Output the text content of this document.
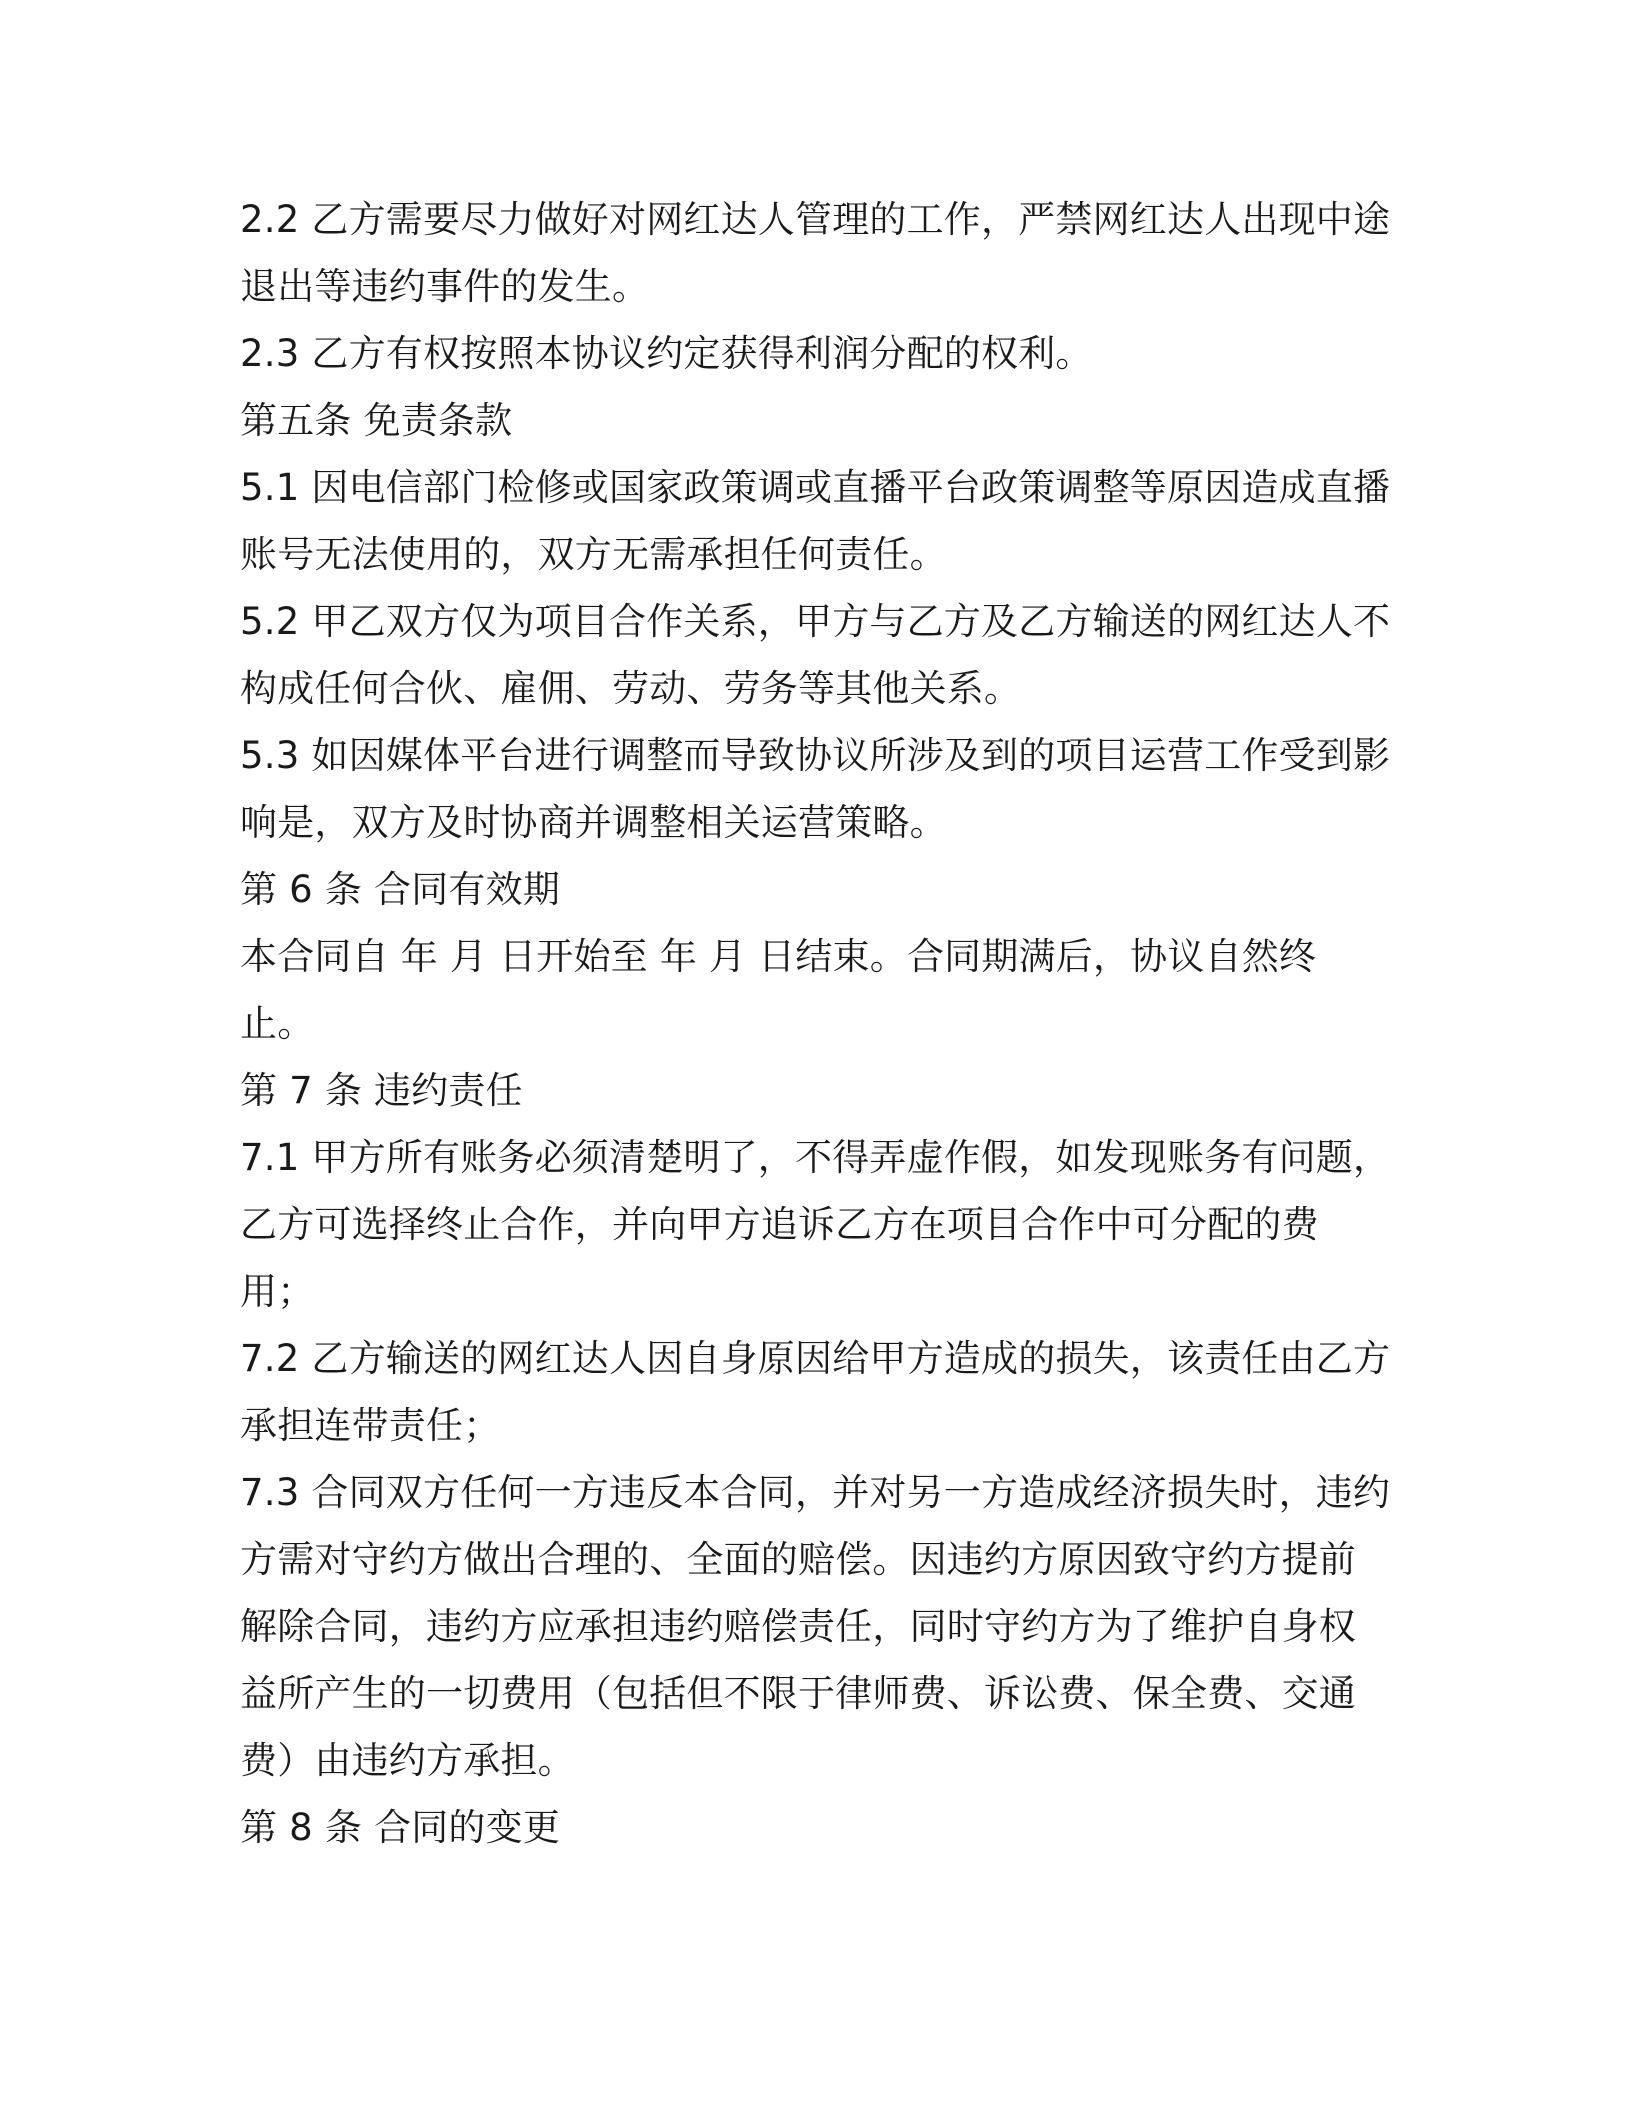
2.2 乙方需要尽力做好对网红达人管理的工作，严禁网红达人出现中途
退出等违约事件的发生。
2.3 乙方有权按照本协议约定获得利润分配的权利。
第五条 免责条款
5.1 因电信部门检修或国家政策调或直播平台政策调整等原因造成直播
账号无法使用的，双方无需承担任何责任。
5.2 甲乙双方仅为项目合作关系，甲方与乙方及乙方输送的网红达人不
构成任何合伙、雇佣、劳动、劳务等其他关系。
5.3 如因媒体平台进行调整而导致协议所涉及到的项目运营工作受到影
响是，双方及时协商并调整相关运营策略。
第 6 条 合同有效期
本合同自 年 月 日开始至 年 月 日结束。合同期满后，协议自然终
止。
第 7 条 违约责任
7.1 甲方所有账务必须清楚明了，不得弄虚作假，如发现账务有问题，
乙方可选择终止合作，并向甲方追诉乙方在项目合作中可分配的费
用；
7.2 乙方输送的网红达人因自身原因给甲方造成的损失，该责任由乙方
承担连带责任；
7.3 合同双方任何一方违反本合同，并对另一方造成经济损失时，违约
方需对守约方做出合理的、全面的赔偿。因违约方原因致守约方提前
解除合同，违约方应承担违约赔偿责任，同时守约方为了维护自身权
益所产生的一切费用（包括但不限于律师费、诉讼费、保全费、交通
费）由违约方承担。
第 8 条 合同的变更
